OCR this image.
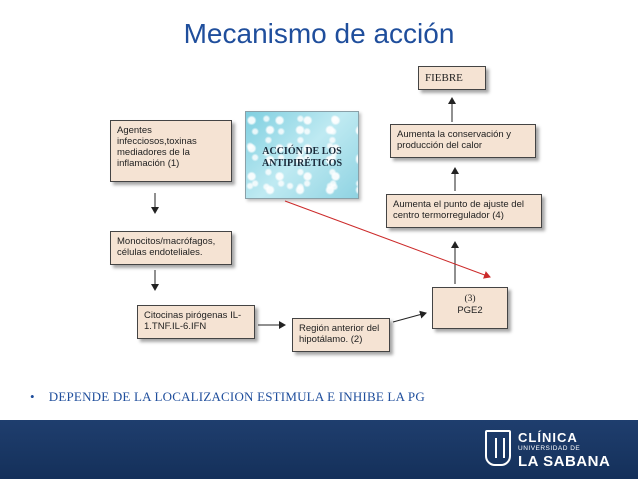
Mecanismo de acción
Agentes infecciosos,toxinas mediadores de la inflamación (1)
Monocitos/macrófagos, células endoteliales.
Citocinas pirógenas IL-1.TNF.IL-6.IFN	Región anterior del hipotálamo. (2)
(3)
PGE2
Aumenta el punto de ajuste del centro termorregulador (4)
Aumenta la conservación y producción del calor
FIEBRE
ACCIÓN DE LOS ANTIPIRÉTICOS
• DEPENDE DE LA LOCALIZACION ESTIMULA E INHIBE LA PG
CLÍNICA
UNIVERSIDAD DE
LA SABANA
